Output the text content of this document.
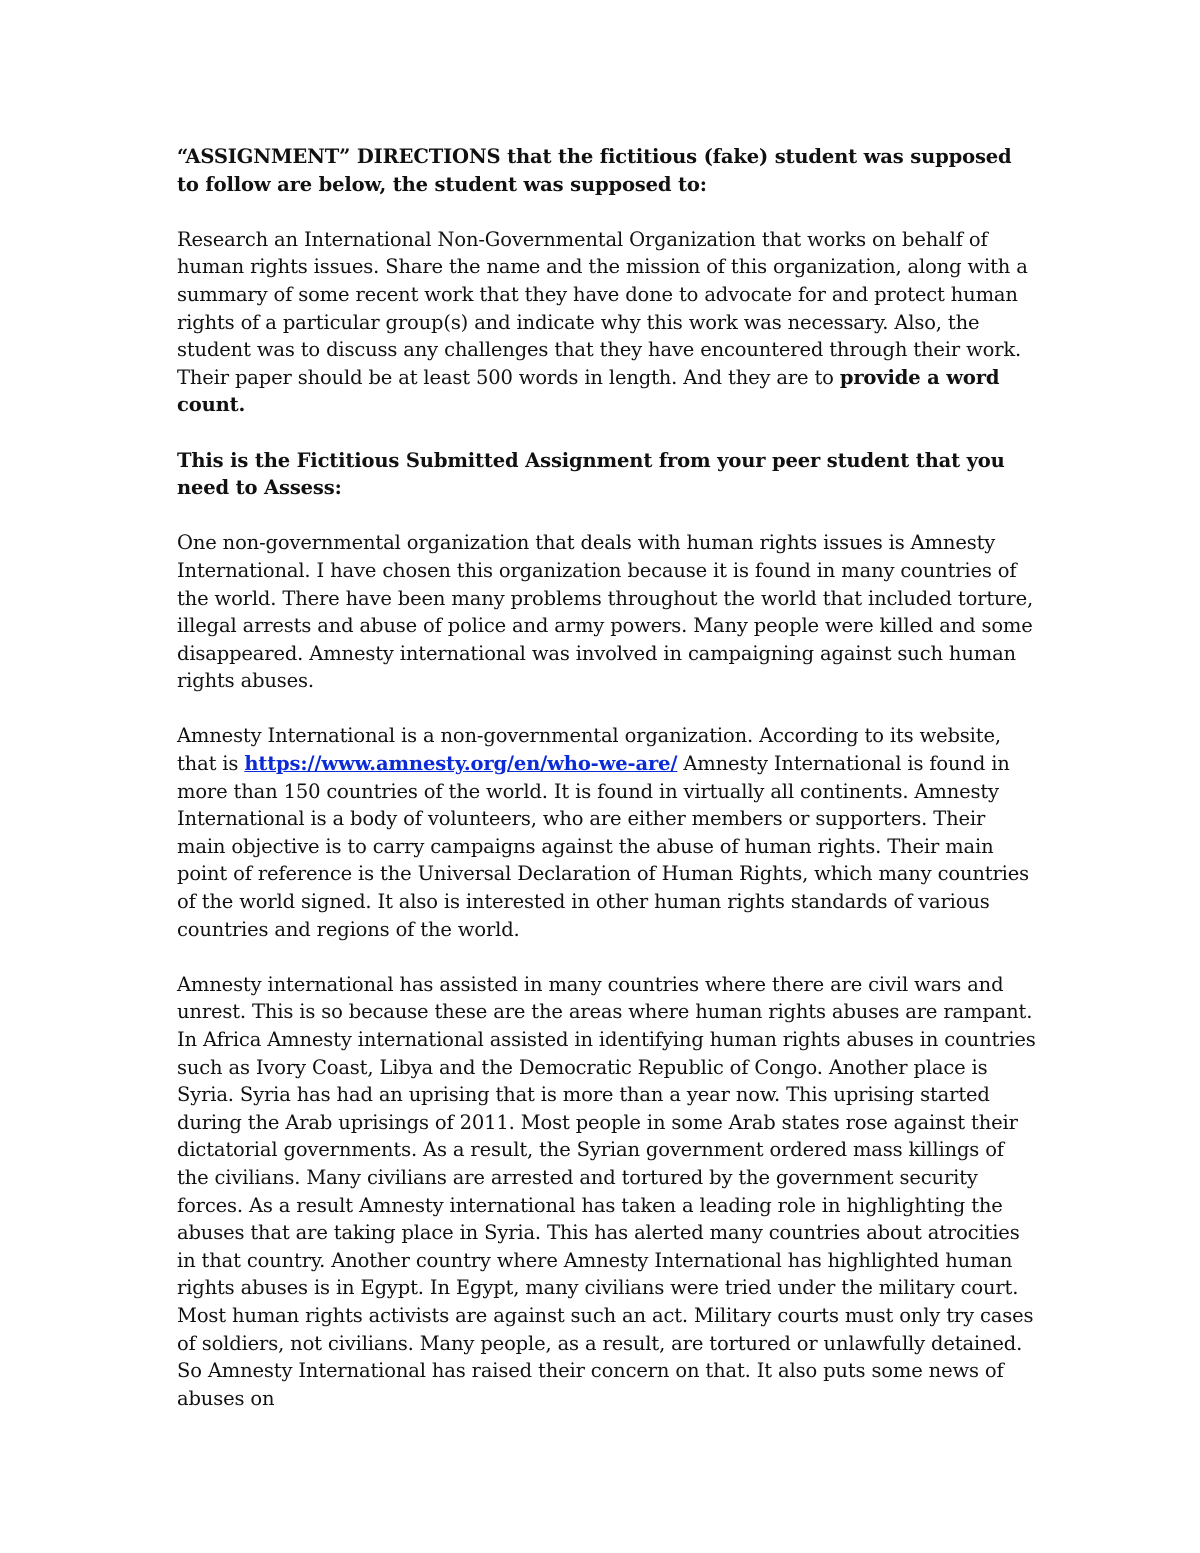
“ASSIGNMENT” DIRECTIONS that the fictitious (fake) student was supposed to follow are below, the student was supposed to:

Research an International Non-Governmental Organization that works on behalf of human rights issues. Share the name and the mission of this organization, along with a summary of some recent work that they have done to advocate for and protect human rights of a particular group(s) and indicate why this work was necessary. Also, the student was to discuss any challenges that they have encountered through their work. Their paper should be at least 500 words in length. And they are to provide a word count.

This is the Fictitious Submitted Assignment from your peer student that you need to Assess:

One non-governmental organization that deals with human rights issues is Amnesty International. I have chosen this organization because it is found in many countries of the world. There have been many problems throughout the world that included torture, illegal arrests and abuse of police and army powers. Many people were killed and some disappeared. Amnesty international was involved in campaigning against such human rights abuses.

Amnesty International is a non-governmental organization. According to its website, that is https://www.amnesty.org/en/who-we-are/ Amnesty International is found in more than 150 countries of the world. It is found in virtually all continents. Amnesty International is a body of volunteers, who are either members or supporters. Their main objective is to carry campaigns against the abuse of human rights. Their main point of reference is the Universal Declaration of Human Rights, which many countries of the world signed. It also is interested in other human rights standards of various countries and regions of the world.

Amnesty international has assisted in many countries where there are civil wars and unrest. This is so because these are the areas where human rights abuses are rampant. In Africa Amnesty international assisted in identifying human rights abuses in countries such as Ivory Coast, Libya and the Democratic Republic of Congo. Another place is Syria. Syria has had an uprising that is more than a year now. This uprising started during the Arab uprisings of 2011. Most people in some Arab states rose against their dictatorial governments. As a result, the Syrian government ordered mass killings of the civilians. Many civilians are arrested and tortured by the government security forces. As a result Amnesty international has taken a leading role in highlighting the abuses that are taking place in Syria. This has alerted many countries about atrocities in that country. Another country where Amnesty International has highlighted human rights abuses is in Egypt. In Egypt, many civilians were tried under the military court. Most human rights activists are against such an act. Military courts must only try cases of soldiers, not civilians. Many people, as a result, are tortured or unlawfully detained. So Amnesty International has raised their concern on that. It also puts some news of abuses on
